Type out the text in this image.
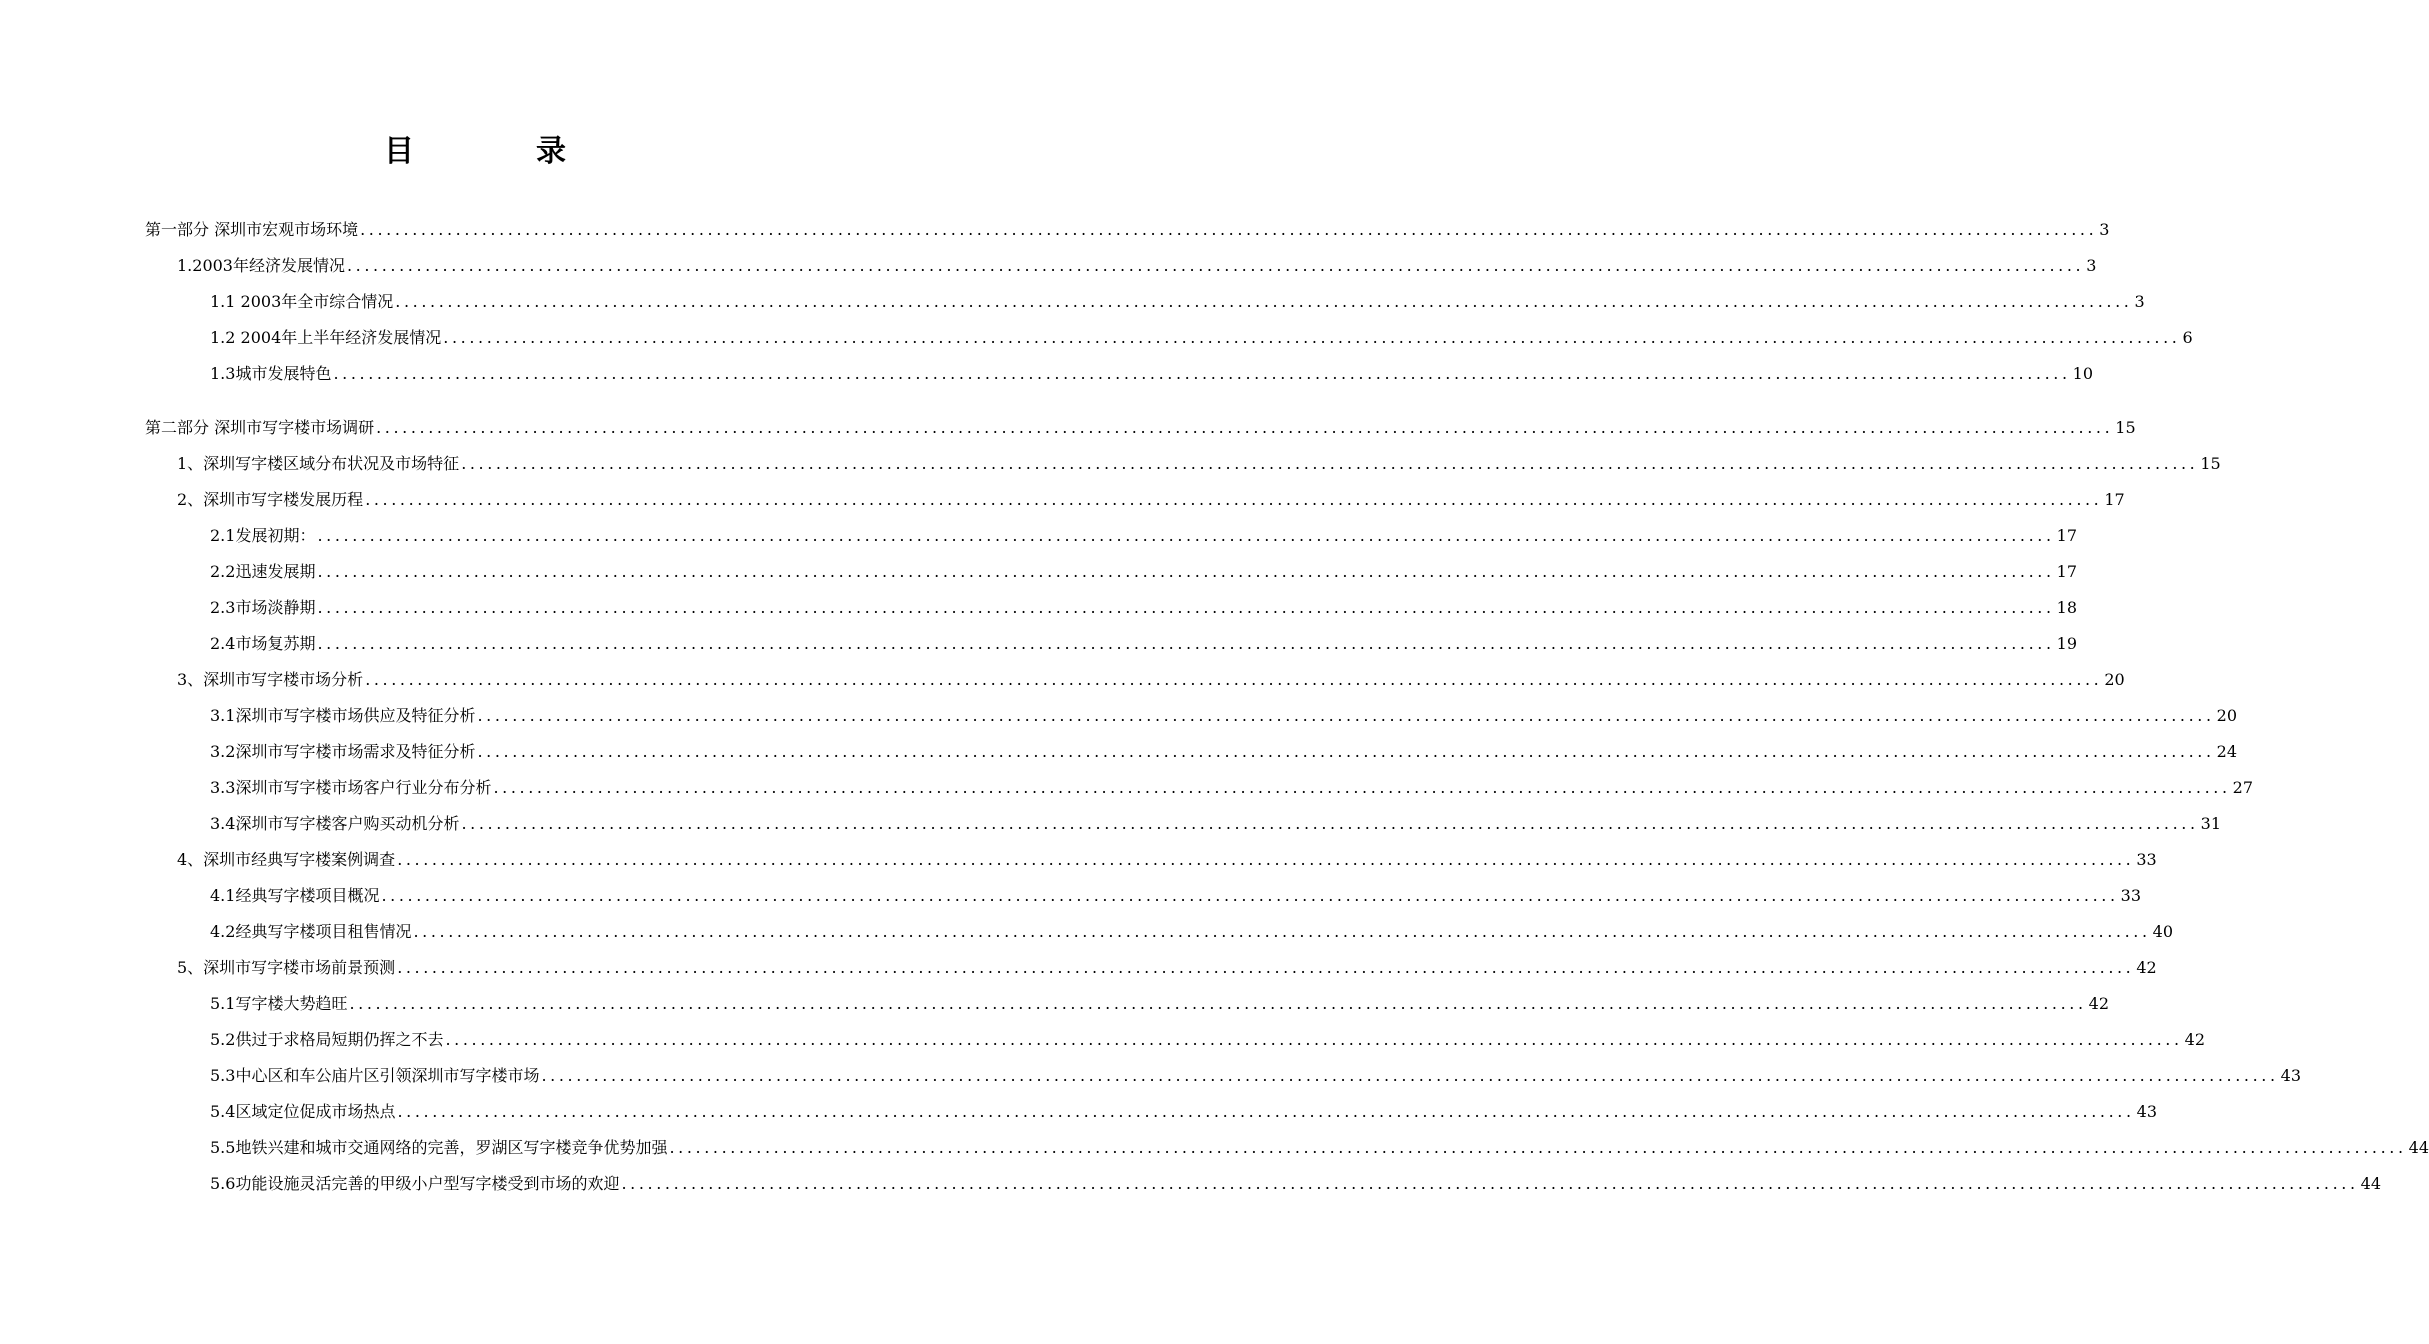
目　录
第一部分 深圳市宏观市场环境 ........................................................................................................................................................................................................ 3
1.2003年经济发展情况 ........................................................................................................................................................................................................ 3
1.1 2003年全市综合情况 ........................................................................................................................................................................................................ 3
1.2 2004年上半年经济发展情况 ........................................................................................................................................................................................................ 6
1.3城市发展特色 ........................................................................................................................................................................................................ 10
第二部分 深圳市写字楼市场调研 ........................................................................................................................................................................................................ 15
1、深圳写字楼区域分布状况及市场特征 ........................................................................................................................................................................................................ 15
2、深圳市写字楼发展历程 ........................................................................................................................................................................................................ 17
2.1发展初期： ........................................................................................................................................................................................................ 17
2.2迅速发展期 ........................................................................................................................................................................................................ 17
2.3市场淡静期 ........................................................................................................................................................................................................ 18
2.4市场复苏期 ........................................................................................................................................................................................................ 19
3、深圳市写字楼市场分析 ........................................................................................................................................................................................................ 20
3.1深圳市写字楼市场供应及特征分析 ........................................................................................................................................................................................................ 20
3.2深圳市写字楼市场需求及特征分析 ........................................................................................................................................................................................................ 24
3.3深圳市写字楼市场客户行业分布分析 ........................................................................................................................................................................................................ 27
3.4深圳市写字楼客户购买动机分析 ........................................................................................................................................................................................................ 31
4、深圳市经典写字楼案例调查 ........................................................................................................................................................................................................ 33
4.1经典写字楼项目概况 ........................................................................................................................................................................................................ 33
4.2经典写字楼项目租售情况 ........................................................................................................................................................................................................ 40
5、深圳市写字楼市场前景预测 ........................................................................................................................................................................................................ 42
5.1写字楼大势趋旺 ........................................................................................................................................................................................................ 42
5.2供过于求格局短期仍挥之不去 ........................................................................................................................................................................................................ 42
5.3中心区和车公庙片区引领深圳市写字楼市场 ........................................................................................................................................................................................................ 43
5.4区域定位促成市场热点 ........................................................................................................................................................................................................ 43
5.5地铁兴建和城市交通网络的完善，罗湖区写字楼竞争优势加强 ........................................................................................................................................................................................................ 44
5.6功能设施灵活完善的甲级小户型写字楼受到市场的欢迎 ........................................................................................................................................................................................................ 44
